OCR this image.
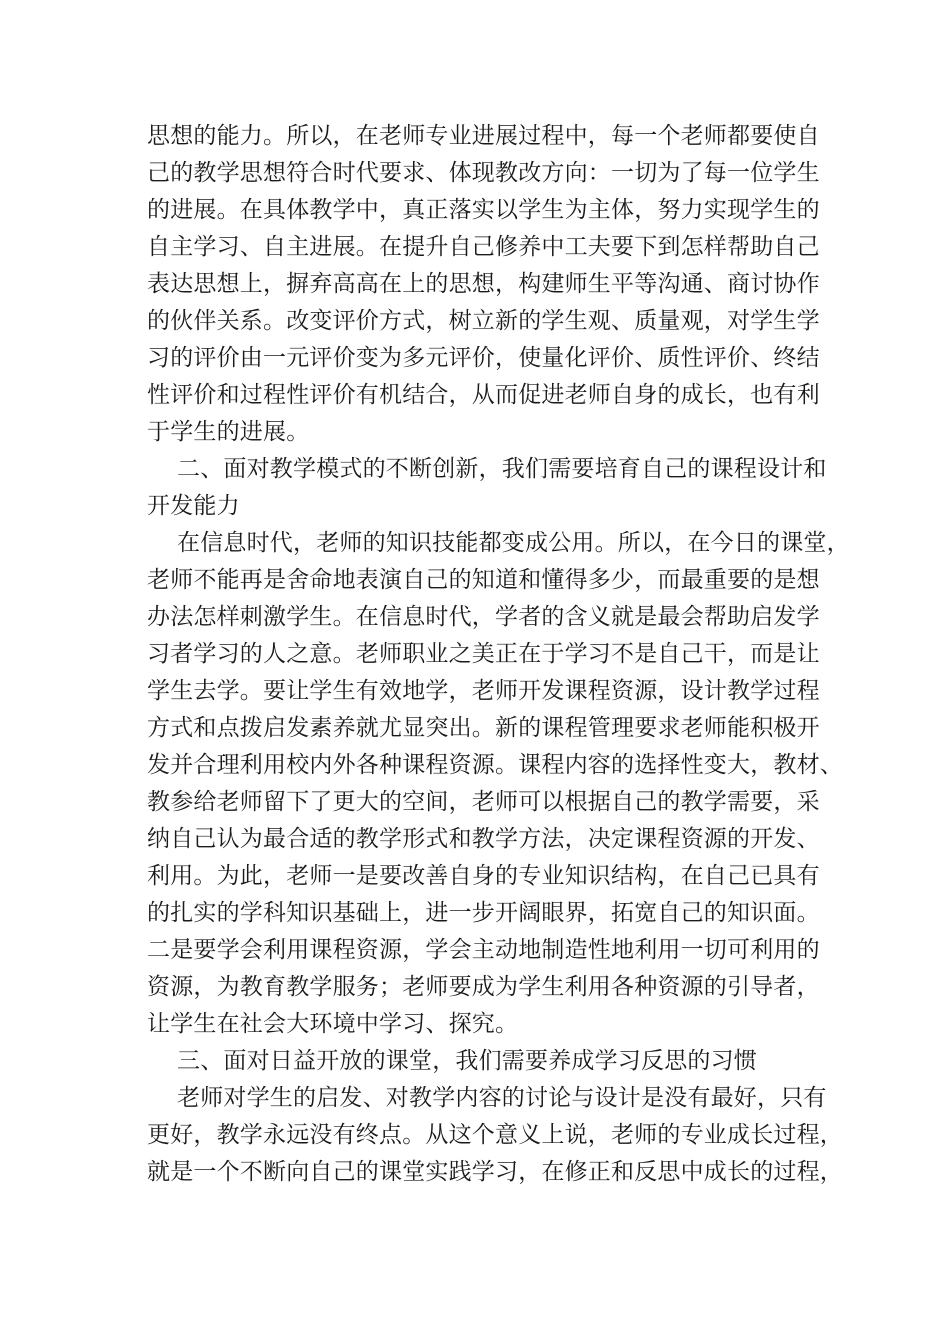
思想的能力。所以，在老师专业进展过程中，每一个老师都要使自
己的教学思想符合时代要求、体现教改方向：一切为了每一位学生
的进展。在具体教学中，真正落实以学生为主体，努力实现学生的
自主学习、自主进展。在提升自己修养中工夫要下到怎样帮助自己
表达思想上，摒弃高高在上的思想，构建师生平等沟通、商讨协作
的伙伴关系。改变评价方式，树立新的学生观、质量观，对学生学
习的评价由一元评价变为多元评价，使量化评价、质性评价、终结
性评价和过程性评价有机结合，从而促进老师自身的成长，也有利
于学生的进展。
二、面对教学模式的不断创新，我们需要培育自己的课程设计和
开发能力
在信息时代，老师的知识技能都变成公用。所以，在今日的课堂，
老师不能再是舍命地表演自己的知道和懂得多少，而最重要的是想
办法怎样刺激学生。在信息时代，学者的含义就是最会帮助启发学
习者学习的人之意。老师职业之美正在于学习不是自己干，而是让
学生去学。要让学生有效地学，老师开发课程资源，设计教学过程
方式和点拨启发素养就尤显突出。新的课程管理要求老师能积极开
发并合理利用校内外各种课程资源。课程内容的选择性变大，教材、
教参给老师留下了更大的空间，老师可以根据自己的教学需要，采
纳自己认为最合适的教学形式和教学方法，决定课程资源的开发、
利用。为此，老师一是要改善自身的专业知识结构，在自己已具有
的扎实的学科知识基础上，进一步开阔眼界，拓宽自己的知识面。
二是要学会利用课程资源，学会主动地制造性地利用一切可利用的
资源，为教育教学服务；老师要成为学生利用各种资源的引导者，
让学生在社会大环境中学习、探究。
三、面对日益开放的课堂，我们需要养成学习反思的习惯
老师对学生的启发、对教学内容的讨论与设计是没有最好，只有
更好，教学永远没有终点。从这个意义上说，老师的专业成长过程，
就是一个不断向自己的课堂实践学习，在修正和反思中成长的过程，
